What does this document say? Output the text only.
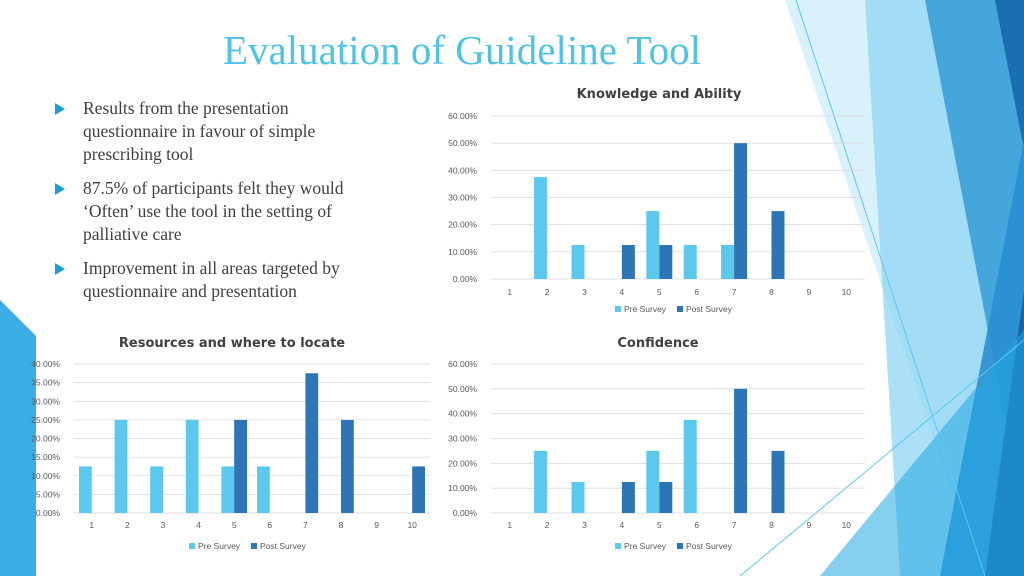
Evaluation of Guideline Tool
Results from the presentation questionnaire in favour of simple prescribing tool
87.5% of participants felt they would ‘Often’ use the tool in the setting of palliative care
Improvement in all areas targeted by questionnaire and presentation
Knowledge and Ability
0.00%
10.00%
20.00%
30.00%
40.00%
50.00%
60.00%
1	2	3	4	5	6	7	8	9	10
Pre Survey Post Survey
Resources and where to locate
0.00%
5.00%
10.00%
15.00%
20.00%
25.00%
30.00%
35.00%
40.00%
1	2	3	4	5	6	7	8	9	10
Pre Survey Post Survey
Confidence
0.00%
10.00%
20.00%
30.00%
40.00%
50.00%
60.00%
1	2	3	4	5	6	7	8	9	10
Pre Survey Post Survey
